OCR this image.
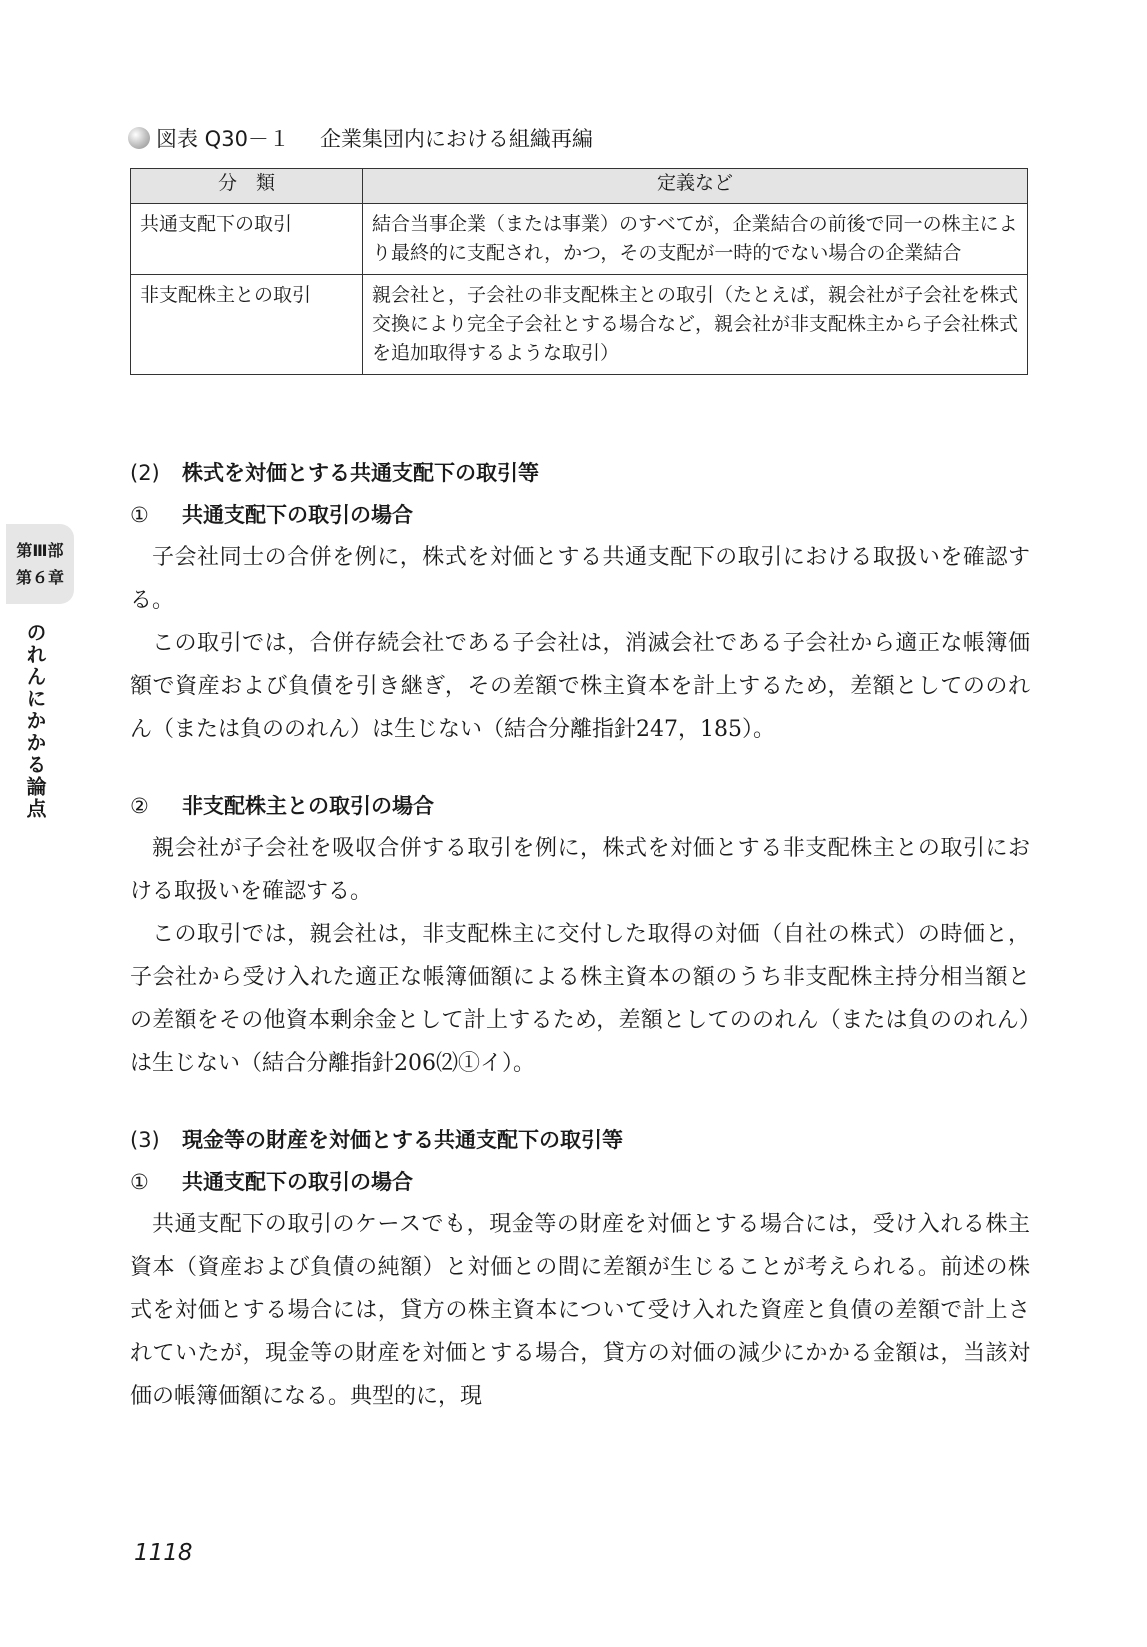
第Ⅲ部
第６章
のれんにかかる論点
図表 Q30－１ 企業集団内における組織再編
分　類	定義など
共通支配下の取引	結合当事企業（または事業）のすべてが，企業結合の前後で同一の株主により最終的に支配され，かつ，その支配が一時的でない場合の企業結合
非支配株主との取引	親会社と，子会社の非支配株主との取引（たとえば，親会社が子会社を株式交換により完全子会社とする場合など，親会社が非支配株主から子会社株式を追加取得するような取引）
(2) 株式を対価とする共通支配下の取引等
① 共通支配下の取引の場合

子会社同士の合併を例に，株式を対価とする共通支配下の取引における取扱いを確認する。

この取引では，合併存続会社である子会社は，消滅会社である子会社から適正な帳簿価額で資産および負債を引き継ぎ，その差額で株主資本を計上するため，差額としてののれん（または負ののれん）は生じない（結合分離指針247，185）。

② 非支配株主との取引の場合

親会社が子会社を吸収合併する取引を例に，株式を対価とする非支配株主との取引における取扱いを確認する。

この取引では，親会社は，非支配株主に交付した取得の対価（自社の株式）の時価と，子会社から受け入れた適正な帳簿価額による株主資本の額のうち非支配株主持分相当額との差額をその他資本剰余金として計上するため，差額としてののれん（または負ののれん）は生じない（結合分離指針206⑵①イ）。

(3) 現金等の財産を対価とする共通支配下の取引等
① 共通支配下の取引の場合

共通支配下の取引のケースでも，現金等の財産を対価とする場合には，受け入れる株主資本（資産および負債の純額）と対価との間に差額が生じることが考えられる。前述の株式を対価とする場合には，貸方の株主資本について受け入れた資産と負債の差額で計上されていたが，現金等の財産を対価とする場合，貸方の対価の減少にかかる金額は，当該対価の帳簿価額になる。典型的に，現

1118
